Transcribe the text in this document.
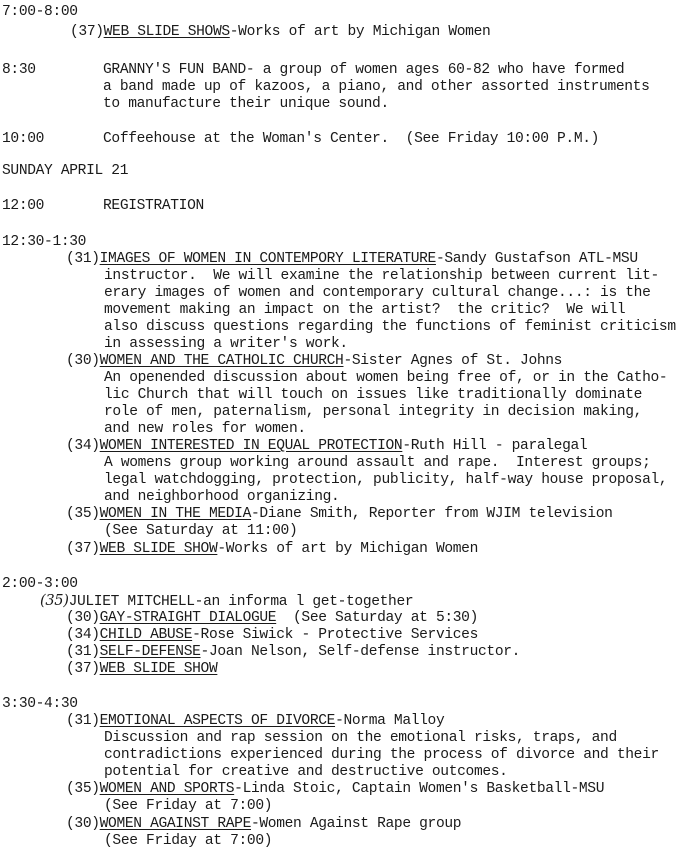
7:00-8:00
(37)WEB SLIDE SHOWS-Works of art by Michigan Women
8:30	GRANNY'S FUN BAND- a group of women ages 60-82 who have formed
a band made up of kazoos, a piano, and other assorted instruments
to manufacture their unique sound.
10:00	Coffeehouse at the Woman's Center.  (See Friday 10:00 P.M.)
SUNDAY APRIL 21
12:00	REGISTRATION
12:30-1:30
(31)IMAGES OF WOMEN IN CONTEMPORY LITERATURE-Sandy Gustafson ATL-MSU
instructor.  We will examine the relationship between current lit-
erary images of women and contemporary cultural change...: is the
movement making an impact on the artist?  the critic?  We will
also discuss questions regarding the functions of feminist criticism
in assessing a writer's work.
(30)WOMEN AND THE CATHOLIC CHURCH-Sister Agnes of St. Johns
An openended discussion about women being free of, or in the Catho-
lic Church that will touch on issues like traditionally dominate
role of men, paternalism, personal integrity in decision making,
and new roles for women.
(34)WOMEN INTERESTED IN EQUAL PROTECTION-Ruth Hill - paralegal
A womens group working around assault and rape.  Interest groups;
legal watchdogging, protection, publicity, half-way house proposal,
and neighborhood organizing.
(35)WOMEN IN THE MEDIA-Diane Smith, Reporter from WJIM television
(See Saturday at 11:00)
(37)WEB SLIDE SHOW-Works of art by Michigan Women
2:00-3:00
(35)JULIET MITCHELL-an informa l get-together
(30)GAY-STRAIGHT DIALOGUE  (See Saturday at 5:30)
(34)CHILD ABUSE-Rose Siwick - Protective Services
(31)SELF-DEFENSE-Joan Nelson, Self-defense instructor.
(37)WEB SLIDE SHOW
3:30-4:30
(31)EMOTIONAL ASPECTS OF DIVORCE-Norma Malloy
Discussion and rap session on the emotional risks, traps, and
contradictions experienced during the process of divorce and their
potential for creative and destructive outcomes.
(35)WOMEN AND SPORTS-Linda Stoic, Captain Women's Basketball-MSU
(See Friday at 7:00)
(30)WOMEN AGAINST RAPE-Women Against Rape group
(See Friday at 7:00)
